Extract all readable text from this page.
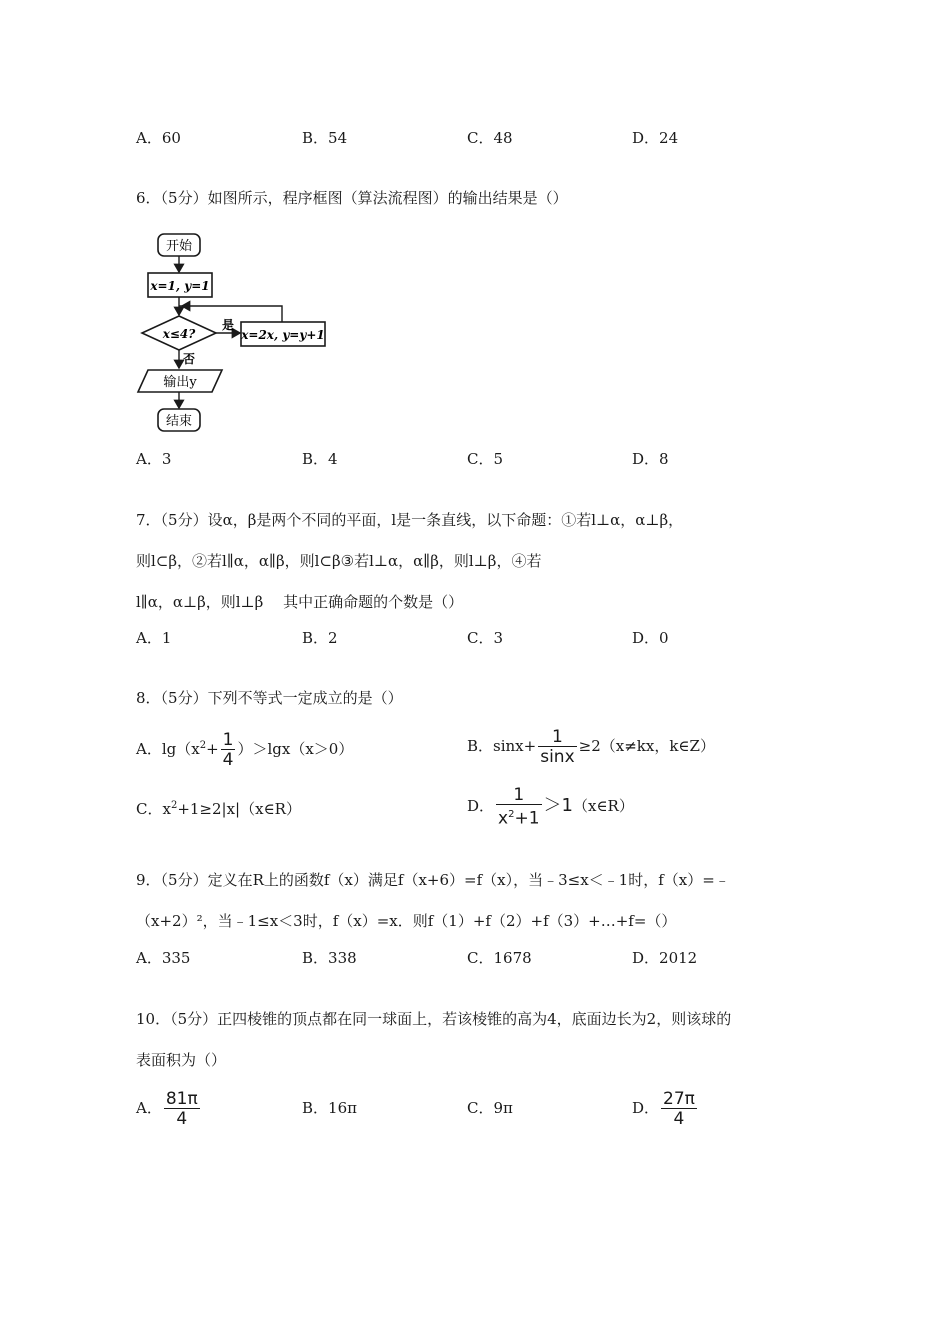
A．60	B．54	C．48	D．24
6．（5分）如图所示，程序框图（算法流程图）的输出结果是（）
开始
x=1, y=1
x≤4?
是
x=2x, y=y+1
否
输出y
结束
A．3	B．4	C．5	D．8
7．（5分）设α，β是两个不同的平面，l是一条直线，以下命题：①若l⊥α，α⊥β，
则l⊂β，②若l∥α，α∥β，则l⊂β③若l⊥α，α∥β，则l⊥β，④若
l∥α，α⊥β，则l⊥β　 其中正确命题的个数是（）
A．1	B．2	C．3	D．0
8．（5分）下列不等式一定成立的是（）
A．$\lg(x^2+ \frac{1}{4} )>\lg x(x>0)$	B．$\sin x+ \frac{1}{\sin x} \ge 2(x\ne kx$，k∈Z）
C．$x^2+1\ge 2|x|(x\in R)$	D． $\frac{1}{x^2+1}$ ＞1（x∈R）
9．（5分）定义在R上的函数f（x）满足f（x+6）=f（x），当﹣3≤x＜﹣1时，f（x）=﹣
（x+2）²，当﹣1≤x＜3时，f（x）=x．则f（1）+f（2）+f（3）+…+f=（）
A．335	B．338	C．1678	D．2012
10．（5分）正四棱锥的顶点都在同一球面上，若该棱锥的高为4，底面边长为2，则该球的
表面积为（）
A． $\frac{81\pi}{4}$	B．16π	C．9π	D． $\frac{27\pi}{4}$
